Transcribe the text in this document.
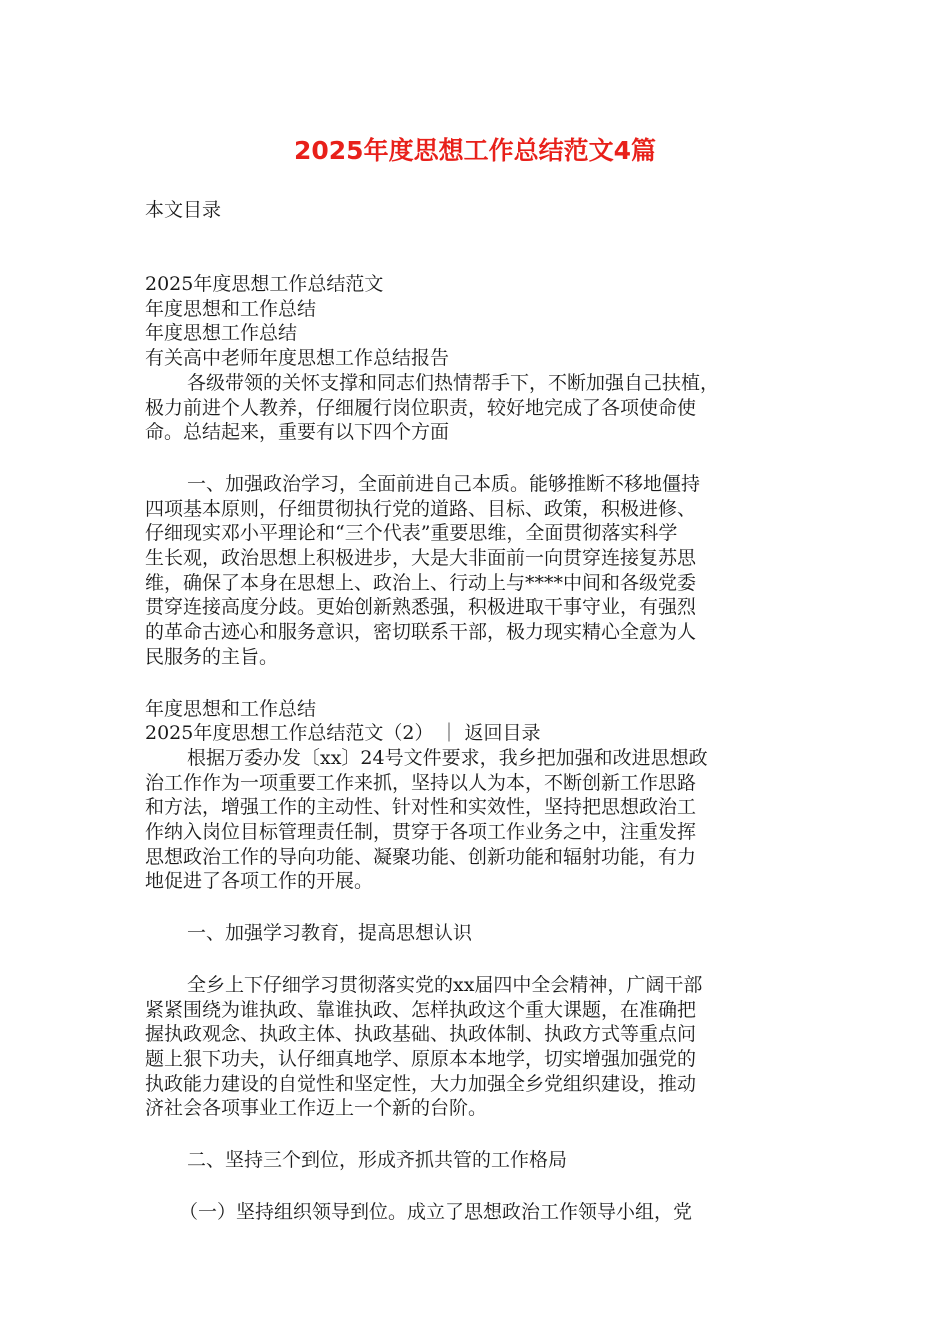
2025年度思想工作总结范文4篇
本文目录
2025年度思想工作总结范文
年度思想和工作总结
年度思想工作总结
有关高中老师年度思想工作总结报告
各级带领的关怀支撑和同志们热情帮手下，不断加强自己扶植，
极力前进个人教养，仔细履行岗位职责，较好地完成了各项使命使
命。总结起来，重要有以下四个方面
一、加强政治学习，全面前进自己本质。能够推断不移地僵持
四项基本原则，仔细贯彻执行党的道路、目标、政策，积极进修、
仔细现实邓小平理论和“三个代表”重要思维，全面贯彻落实科学
生长观，政治思想上积极进步，大是大非面前一向贯穿连接复苏思
维，确保了本身在思想上、政治上、行动上与****中间和各级党委
贯穿连接高度分歧。更始创新熟悉强，积极进取干事守业，有强烈
的革命古迹心和服务意识，密切联系干部，极力现实精心全意为人
民服务的主旨。
年度思想和工作总结
2025年度思想工作总结范文（2） ｜ 返回目录
根据万委办发〔xx〕24号文件要求，我乡把加强和改进思想政
治工作作为一项重要工作来抓，坚持以人为本，不断创新工作思路
和方法，增强工作的主动性、针对性和实效性，坚持把思想政治工
作纳入岗位目标管理责任制，贯穿于各项工作业务之中，注重发挥
思想政治工作的导向功能、凝聚功能、创新功能和辐射功能，有力
地促进了各项工作的开展。
一、加强学习教育，提高思想认识
全乡上下仔细学习贯彻落实党的xx届四中全会精神，广阔干部
紧紧围绕为谁执政、靠谁执政、怎样执政这个重大课题，在准确把
握执政观念、执政主体、执政基础、执政体制、执政方式等重点问
题上狠下功夫，认仔细真地学、原原本本地学，切实增强加强党的
执政能力建设的自觉性和坚定性，大力加强全乡党组织建设，推动
济社会各项事业工作迈上一个新的台阶。
二、坚持三个到位，形成齐抓共管的工作格局
（一）坚持组织领导到位。成立了思想政治工作领导小组，党
